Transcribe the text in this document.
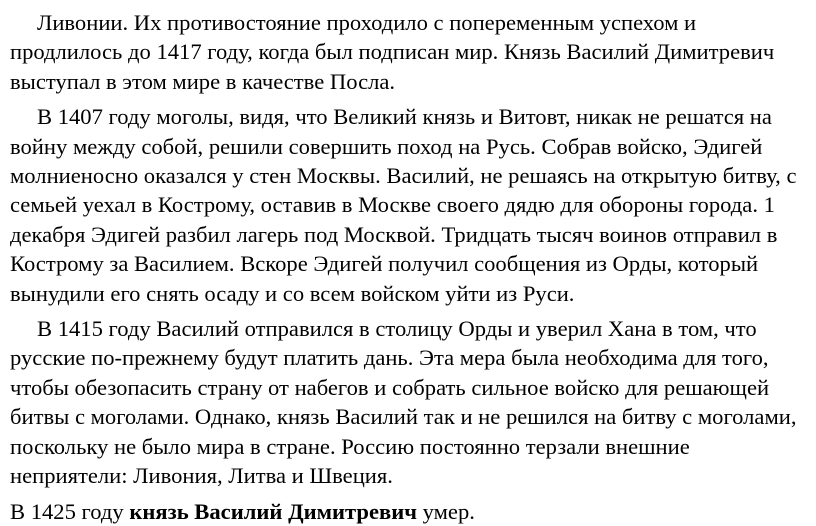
Ливонии. Их противостояние проходило с попеременным успехом и продлилось до 1417 году, когда был подписан мир. Князь Василий Димитревич выступал в этом мире в качестве Посла.

В 1407 году моголы, видя, что Великий князь и Витовт, никак не решатся на войну между собой, решили совершить поход на Русь. Собрав войско, Эдигей молниеносно оказался у стен Москвы. Василий, не решаясь на открытую битву, с семьей уехал в Кострому, оставив в Москве своего дядю для обороны города. 1 декабря Эдигей разбил лагерь под Москвой. Тридцать тысяч воинов отправил в Кострому за Василием. Вскоре Эдигей получил сообщения из Орды, который вынудили его снять осаду и со всем войском уйти из Руси.

В 1415 году Василий отправился в столицу Орды и уверил Хана в том, что русские по-прежнему будут платить дань. Эта мера была необходима для того, чтобы обезопасить страну от набегов и собрать сильное войско для решающей битвы с моголами. Однако, князь Василий так и не решился на битву с моголами, поскольку не было мира в стране. Россию постоянно терзали внешние неприятели: Ливония, Литва и Швеция.

В 1425 году князь Василий Димитревич умер.
